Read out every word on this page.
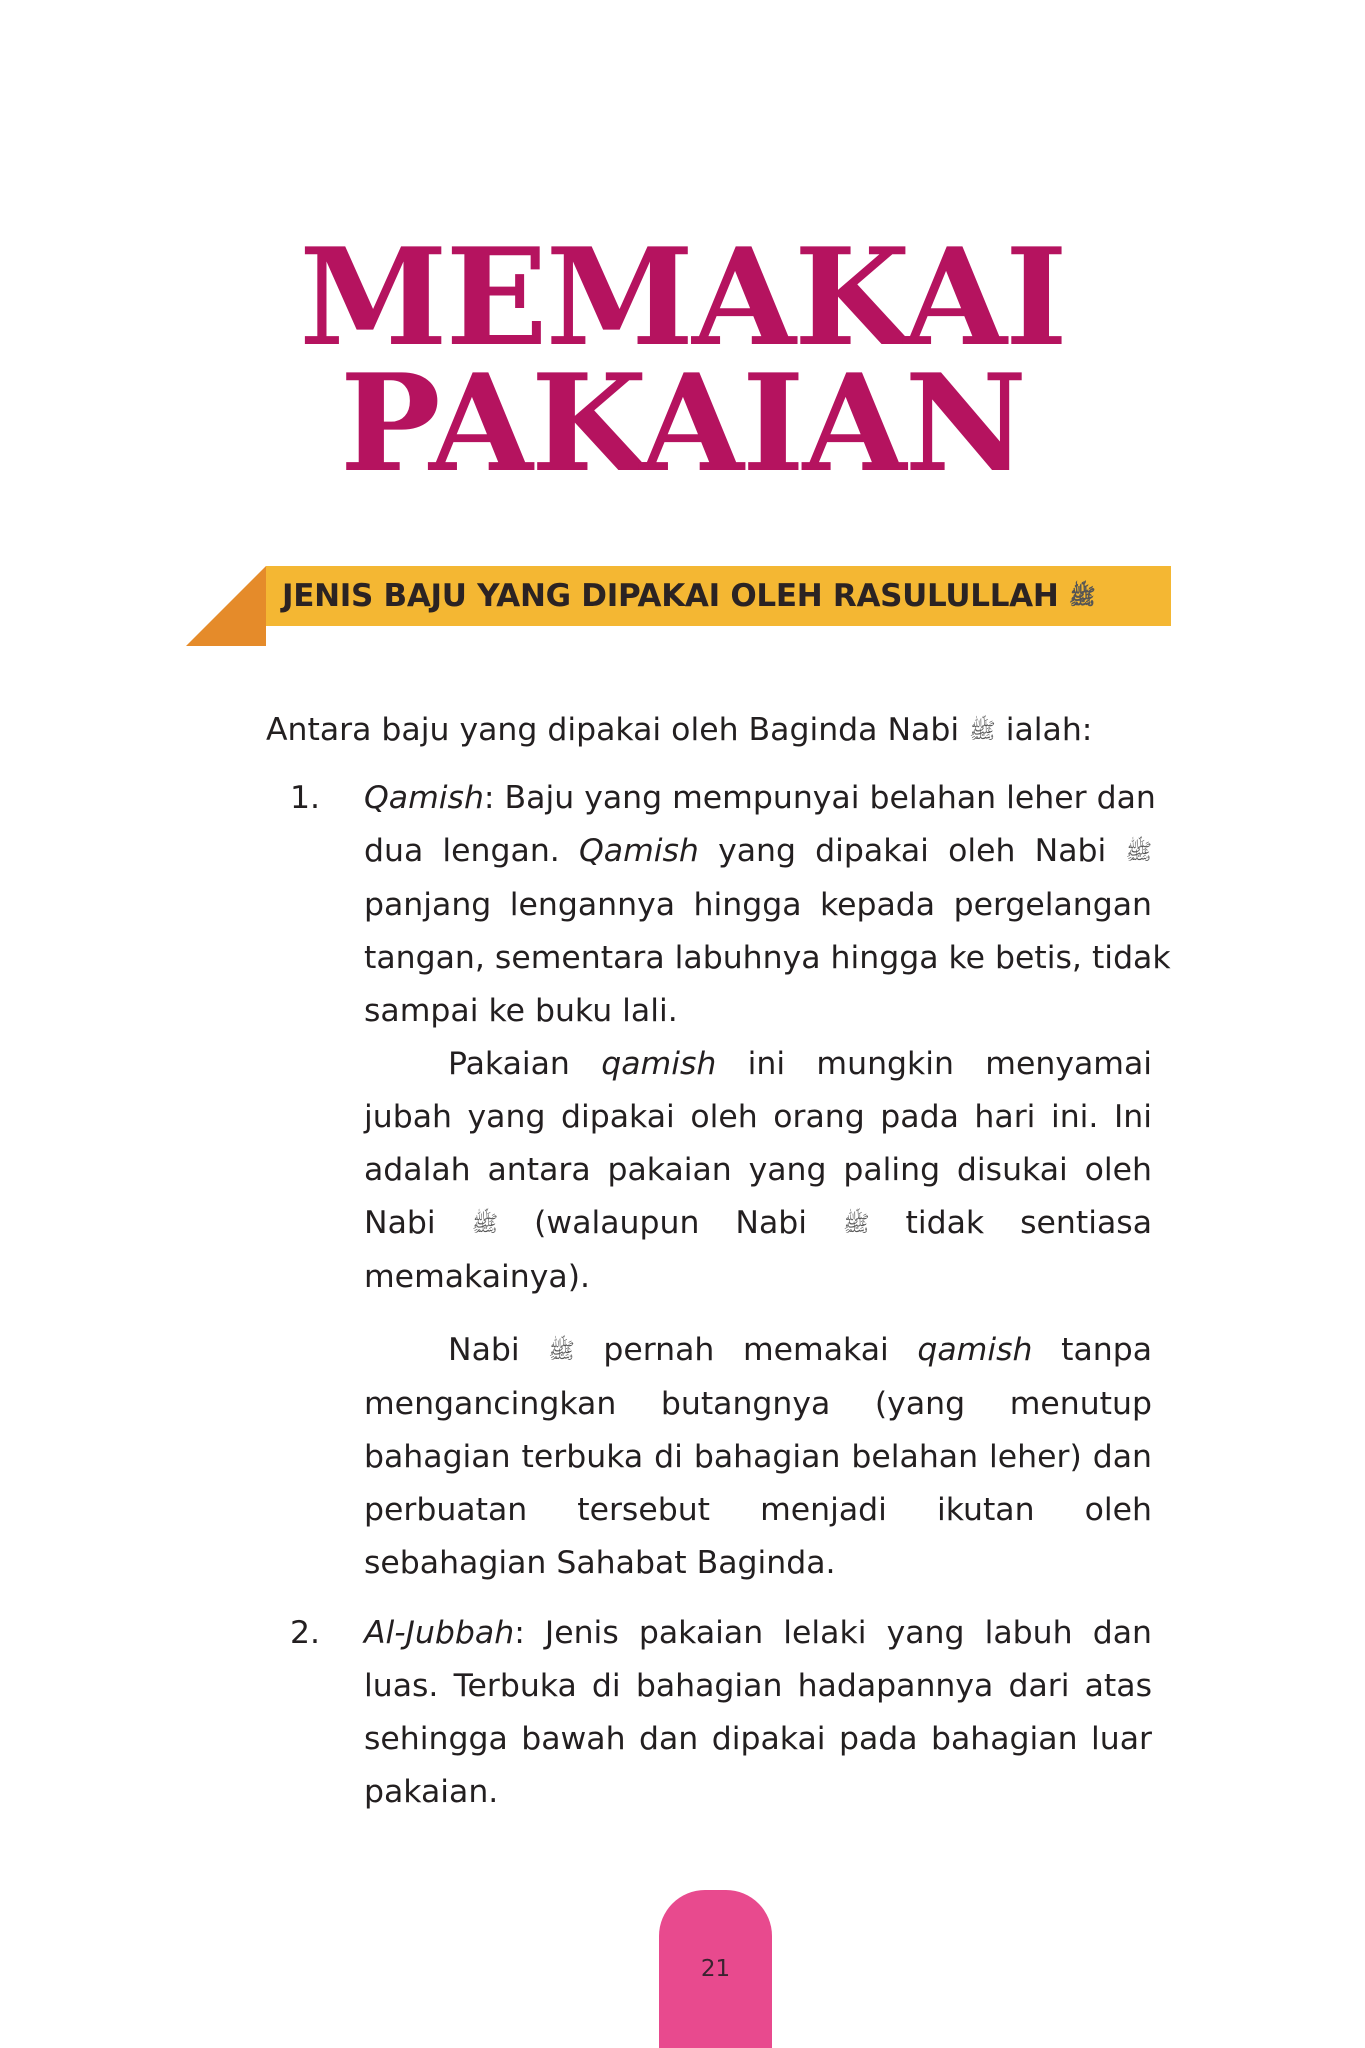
MEMAKAI
PAKAIAN
JENIS BAJU YANG DIPAKAI OLEH RASULULLAH ﷺ
Antara baju yang dipakai oleh Baginda Nabi ﷺ ialah:
1. Qamish: Baju yang mempunyai belahan leher dan
dua lengan. Qamish yang dipakai oleh Nabi ﷺ
panjang lengannya hingga kepada pergelangan
tangan, sementara labuhnya hingga ke betis, tidak
sampai ke buku lali.
Pakaian qamish ini mungkin menyamai
jubah yang dipakai oleh orang pada hari ini. Ini
adalah antara pakaian yang paling disukai oleh
Nabi ﷺ (walaupun Nabi ﷺ tidak sentiasa
memakainya).
Nabi ﷺ pernah memakai qamish tanpa
mengancingkan butangnya (yang menutup
bahagian terbuka di bahagian belahan leher) dan
perbuatan tersebut menjadi ikutan oleh
sebahagian Sahabat Baginda.
2. Al-Jubbah: Jenis pakaian lelaki yang labuh dan
luas. Terbuka di bahagian hadapannya dari atas
sehingga bawah dan dipakai pada bahagian luar
pakaian.
21
